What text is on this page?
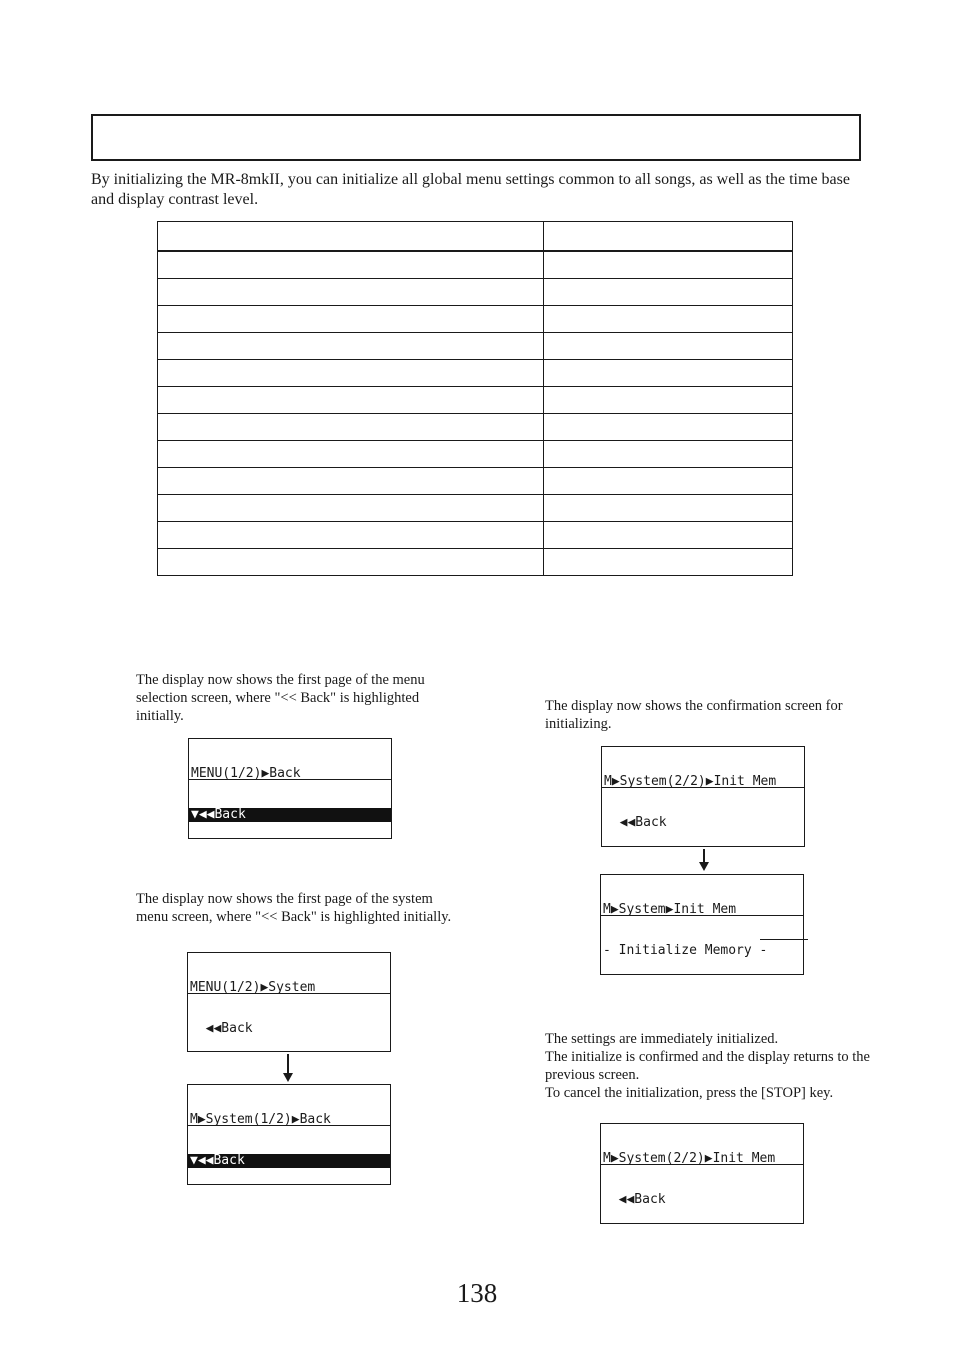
By initializing the MR-8mkII, you can initialize all global menu settings common to all songs, as well as the time base and display contrast level.

The display now shows the first page of the menu selection screen, where "<< Back" is highlighted initially.

MENU(1/2)▶Back

▼◀◀Back

The display now shows the first page of the system menu screen, where "<< Back" is highlighted initially.

MENU(1/2)▶System

◀◀Back

M▶System(1/2)▶Back

▼◀◀Back

The display now shows the confirmation screen for initializing.

M▶System(2/2)▶Init Mem

◀◀Back

M▶System▶Init Mem

- Initialize Memory -

The settings are immediately initialized.
The initialize is confirmed and the display returns to the previous screen.
To cancel the initialization, press the [STOP] key.

M▶System(2/2)▶Init Mem

◀◀Back

138
